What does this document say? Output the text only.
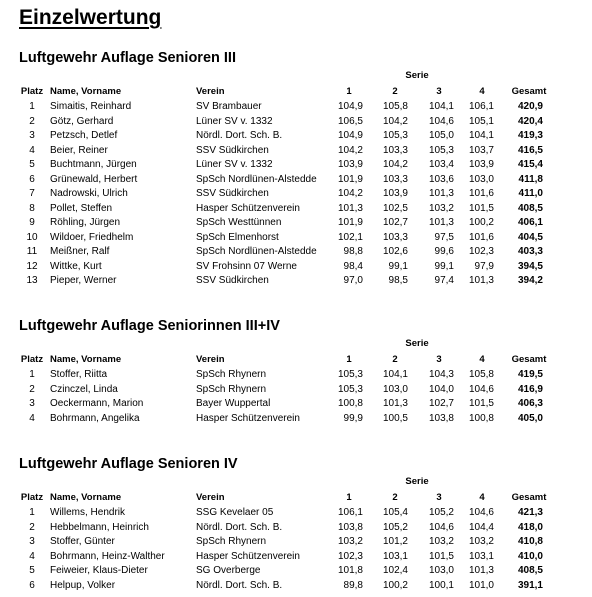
Einzelwertung
Luftgewehr Auflage Senioren III
Serie
Platz Name, Vorname	Verein	1	2	3	4	Gesamt
1	Simaitis, Reinhard	SV Brambauer	104,9	105,8	104,1	106,1	420,9
2	Götz, Gerhard	Lüner SV v. 1332	106,5	104,2	104,6	105,1	420,4
3	Petzsch, Detlef	Nördl. Dort. Sch. B.	104,9	105,3	105,0	104,1	419,3
4	Beier, Reiner	SSV Südkirchen	104,2	103,3	105,3	103,7	416,5
5	Buchtmann, Jürgen	Lüner SV v. 1332	103,9	104,2	103,4	103,9	415,4
6	Grünewald, Herbert	SpSch Nordlünen-Alstedde	101,9	103,3	103,6	103,0	411,8
7	Nadrowski, Ulrich	SSV Südkirchen	104,2	103,9	101,3	101,6	411,0
8	Pollet, Steffen	Hasper Schützenverein	101,3	102,5	103,2	101,5	408,5
9	Röhling, Jürgen	SpSch Westtünnen	101,9	102,7	101,3	100,2	406,1
10	Wildoer, Friedhelm	SpSch Elmenhorst	102,1	103,3	97,5	101,6	404,5
11	Meißner, Ralf	SpSch Nordlünen-Alstedde	98,8	102,6	99,6	102,3	403,3
12	Wittke, Kurt	SV Frohsinn 07 Werne	98,4	99,1	99,1	97,9	394,5
13	Pieper, Werner	SSV Südkirchen	97,0	98,5	97,4	101,3	394,2
Luftgewehr Auflage Seniorinnen III+IV
Serie
Platz Name, Vorname	Verein	1	2	3	4	Gesamt
1	Stoffer, Riitta	SpSch Rhynern	105,3	104,1	104,3	105,8	419,5
2	Czinczel, Linda	SpSch Rhynern	105,3	103,0	104,0	104,6	416,9
3	Oeckermann, Marion	Bayer Wuppertal	100,8	101,3	102,7	101,5	406,3
4	Bohrmann, Angelika	Hasper Schützenverein	99,9	100,5	103,8	100,8	405,0
Luftgewehr Auflage Senioren IV
Serie
Platz Name, Vorname	Verein	1	2	3	4	Gesamt
1	Willems, Hendrik	SSG Kevelaer 05	106,1	105,4	105,2	104,6	421,3
2	Hebbelmann, Heinrich	Nördl. Dort. Sch. B.	103,8	105,2	104,6	104,4	418,0
3	Stoffer, Günter	SpSch Rhynern	103,2	101,2	103,2	103,2	410,8
4	Bohrmann, Heinz-Walther	Hasper Schützenverein	102,3	103,1	101,5	103,1	410,0
5	Feiweier, Klaus-Dieter	SG Overberge	101,8	102,4	103,0	101,3	408,5
6	Helpup, Volker	Nördl. Dort. Sch. B.	89,8	100,2	100,1	101,0	391,1
